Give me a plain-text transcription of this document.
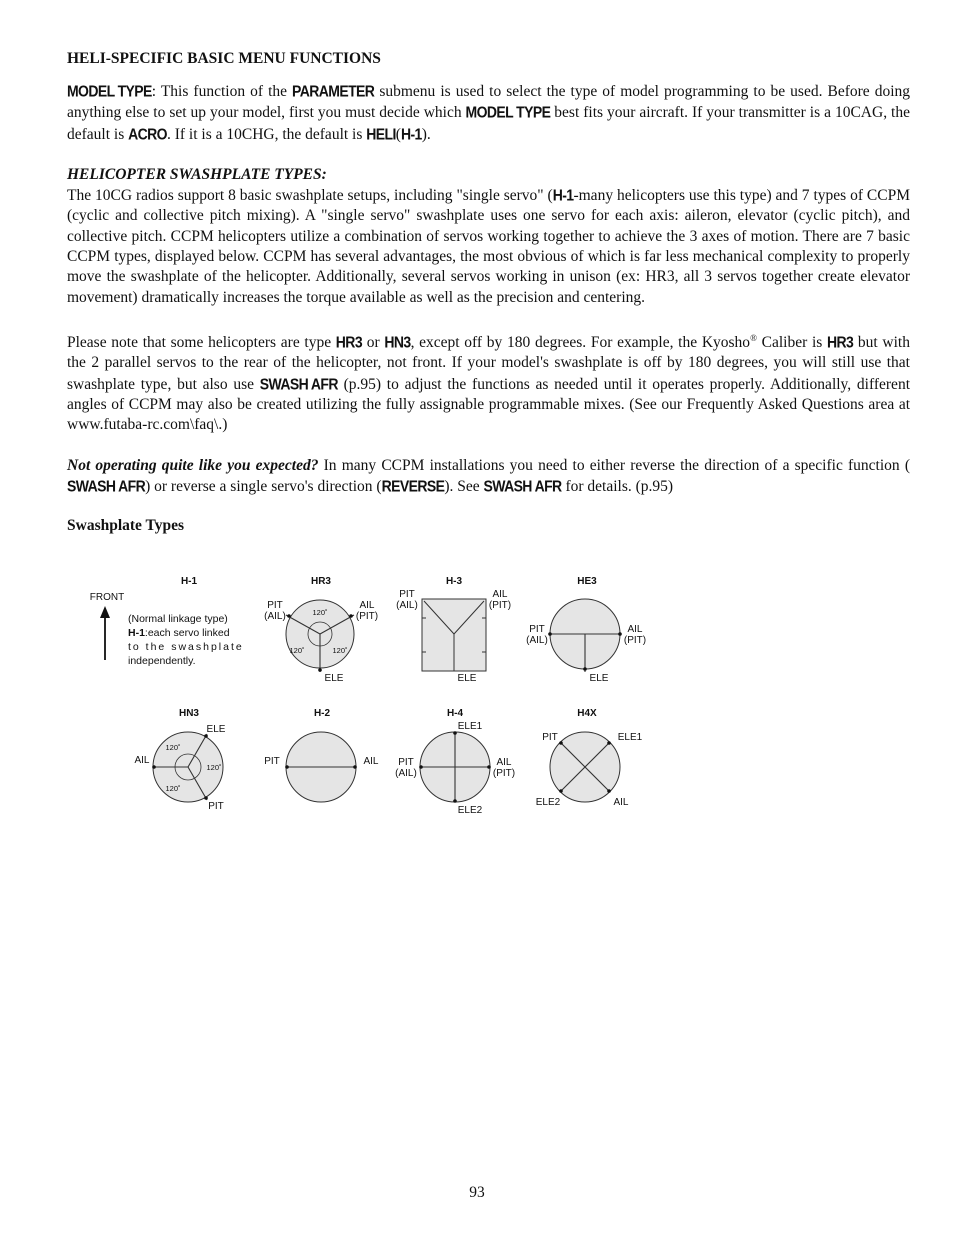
HELI-SPECIFIC BASIC MENU FUNCTIONS

MODEL TYPE: This function of the PARAMETER submenu is used to select the type of model programming to be used. Before doing anything else to set up your model, first you must decide which MODEL TYPE best fits your aircraft. If your transmitter is a 10CAG, the default is ACRO. If it is a 10CHG, the default is HELI(H-1).

HELICOPTER SWASHPLATE TYPES:
The 10CG radios support 8 basic swashplate setups, including "single servo" (H-1-many helicopters use this type) and 7 types of CCPM (cyclic and collective pitch mixing). A "single servo" swashplate uses one servo for each axis: aileron, elevator (cyclic pitch), and collective pitch. CCPM helicopters utilize a combination of servos working together to achieve the 3 axes of motion. There are 7 basic CCPM types, displayed below. CCPM has several advantages, the most obvious of which is far less mechanical complexity to properly move the swashplate of the helicopter. Additionally, several servos working in unison (ex: HR3, all 3 servos together create elevator movement) dramatically increases the torque available as well as the precision and centering.

Please note that some helicopters are type HR3 or HN3, except off by 180 degrees. For example, the Kyosho® Caliber is HR3 but with the 2 parallel servos to the rear of the helicopter, not front. If your model's swashplate is off by 180 degrees, you will still use that swashplate type, but also use SWASH AFR (p.95) to adjust the functions as needed until it operates properly. Additionally, different angles of CCPM may also be created utilizing the fully assignable programmable mixes. (See our Frequently Asked Questions area at www.futaba-rc.com\faq\.)

Not operating quite like you expected? In many CCPM installations you need to either reverse the direction of a specific function (SWASH AFR) or reverse a single servo's direction (REVERSE). See SWASH AFR for details. (p.95)

Swashplate Types
H-1
FRONT
(Normal linkage type)
H-1:each servo linked
to the swashplate
independently.
HR3
PIT
(AIL)
AIL
(PIT)
ELE
120˚
120˚	120˚
H-3
PIT
(AIL)
AIL
(PIT)
ELE
HE3
PIT
(AIL)
AIL
(PIT)
ELE
HN3
ELE
AIL
PIT
120˚
120˚
120˚
H-2
PIT	AIL
H-4
ELE1
ELE2
PIT
(AIL)
AIL
(PIT)
H4X
PIT	ELE1
ELE2	AIL
93
